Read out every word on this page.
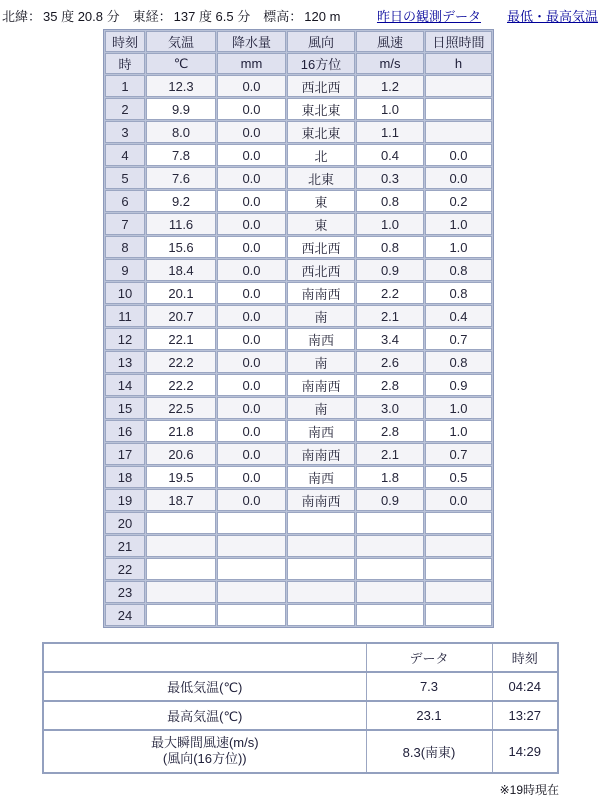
北緯： 35 度 20.8 分 東経： 137 度 6.5 分 標高： 120 m	昨日の観測データ 最低・最高気温
時刻	気温	降水量	風向	風速	日照時間
時	℃	mm	16方位	m/s	h
1	12.3	0.0	西北西	1.2	
2	9.9	0.0	東北東	1.0	
3	8.0	0.0	東北東	1.1	
4	7.8	0.0	北	0.4	0.0
5	7.6	0.0	北東	0.3	0.0
6	9.2	0.0	東	0.8	0.2
7	11.6	0.0	東	1.0	1.0
8	15.6	0.0	西北西	0.8	1.0
9	18.4	0.0	西北西	0.9	0.8
10	20.1	0.0	南南西	2.2	0.8
11	20.7	0.0	南	2.1	0.4
12	22.1	0.0	南西	3.4	0.7
13	22.2	0.0	南	2.6	0.8
14	22.2	0.0	南南西	2.8	0.9
15	22.5	0.0	南	3.0	1.0
16	21.8	0.0	南西	2.8	1.0
17	20.6	0.0	南南西	2.1	0.7
18	19.5	0.0	南西	1.8	0.5
19	18.7	0.0	南南西	0.9	0.0
20					
21					
22					
23					
24					
	データ	時刻
最低気温(℃)	7.3	04:24
最高気温(℃)	23.1	13:27

最大瞬間風速(m/s)
(風向(16方位))	8.3(南東)	14:29
※19時現在
